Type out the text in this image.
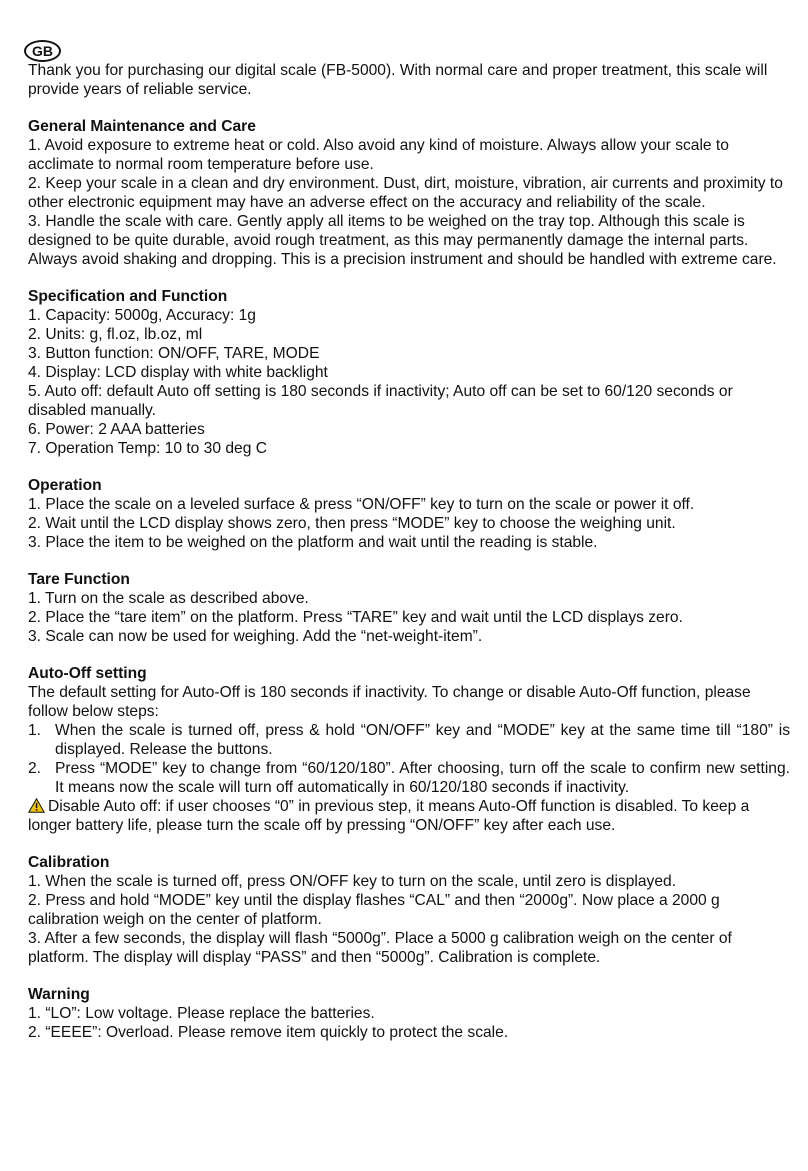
GB

Thank you for purchasing our digital scale (FB-5000). With normal care and proper treatment, this scale will provide years of reliable service.

General Maintenance and Care

1. Avoid exposure to extreme heat or cold. Also avoid any kind of moisture. Always allow your scale to acclimate to normal room temperature before use.

2. Keep your scale in a clean and dry environment. Dust, dirt, moisture, vibration, air currents and proximity to other electronic equipment may have an adverse effect on the accuracy and reliability of the scale.

3. Handle the scale with care. Gently apply all items to be weighed on the tray top. Although this scale is designed to be quite durable, avoid rough treatment, as this may permanently damage the internal parts. Always avoid shaking and dropping. This is a precision instrument and should be handled with extreme care.

Specification and Function

1. Capacity: 5000g, Accuracy: 1g

2. Units: g, fl.oz, lb.oz, ml

3. Button function: ON/OFF, TARE, MODE

4. Display: LCD display with white backlight

5. Auto off: default Auto off setting is 180 seconds if inactivity; Auto off can be set to 60/120 seconds or disabled manually.

6. Power: 2 AAA batteries

7. Operation Temp: 10 to 30 deg C

Operation

1. Place the scale on a leveled surface & press “ON/OFF” key to turn on the scale or power it off.

2. Wait until the LCD display shows zero, then press “MODE” key to choose the weighing unit.

3. Place the item to be weighed on the platform and wait until the reading is stable.

Tare Function

1. Turn on the scale as described above.

2. Place the “tare item” on the platform. Press “TARE” key and wait until the LCD displays zero.

3. Scale can now be used for weighing. Add the “net-weight-item”.

Auto-Off setting

The default setting for Auto-Off is 180 seconds if inactivity. To change or disable Auto-Off function, please follow below steps:

1. When the scale is turned off, press & hold “ON/OFF” key and “MODE” key at the same time till “180” is displayed. Release the buttons.
2. Press “MODE” key to change from “60/120/180”. After choosing, turn off the scale to confirm new setting. It means now the scale will turn off automatically in 60/120/180 seconds if inactivity.

Disable Auto off: if user chooses “0” in previous step, it means Auto-Off function is disabled. To keep a longer battery life, please turn the scale off by pressing “ON/OFF” key after each use.

Calibration

1. When the scale is turned off, press ON/OFF key to turn on the scale, until zero is displayed.

2. Press and hold “MODE” key until the display flashes “CAL” and then “2000g”. Now place a 2000 g calibration weigh on the center of platform.

3. After a few seconds, the display will flash “5000g”. Place a 5000 g calibration weigh on the center of platform. The display will display “PASS” and then “5000g”. Calibration is complete.

Warning

1. “LO”: Low voltage. Please replace the batteries.

2. “EEEE”: Overload. Please remove item quickly to protect the scale.
